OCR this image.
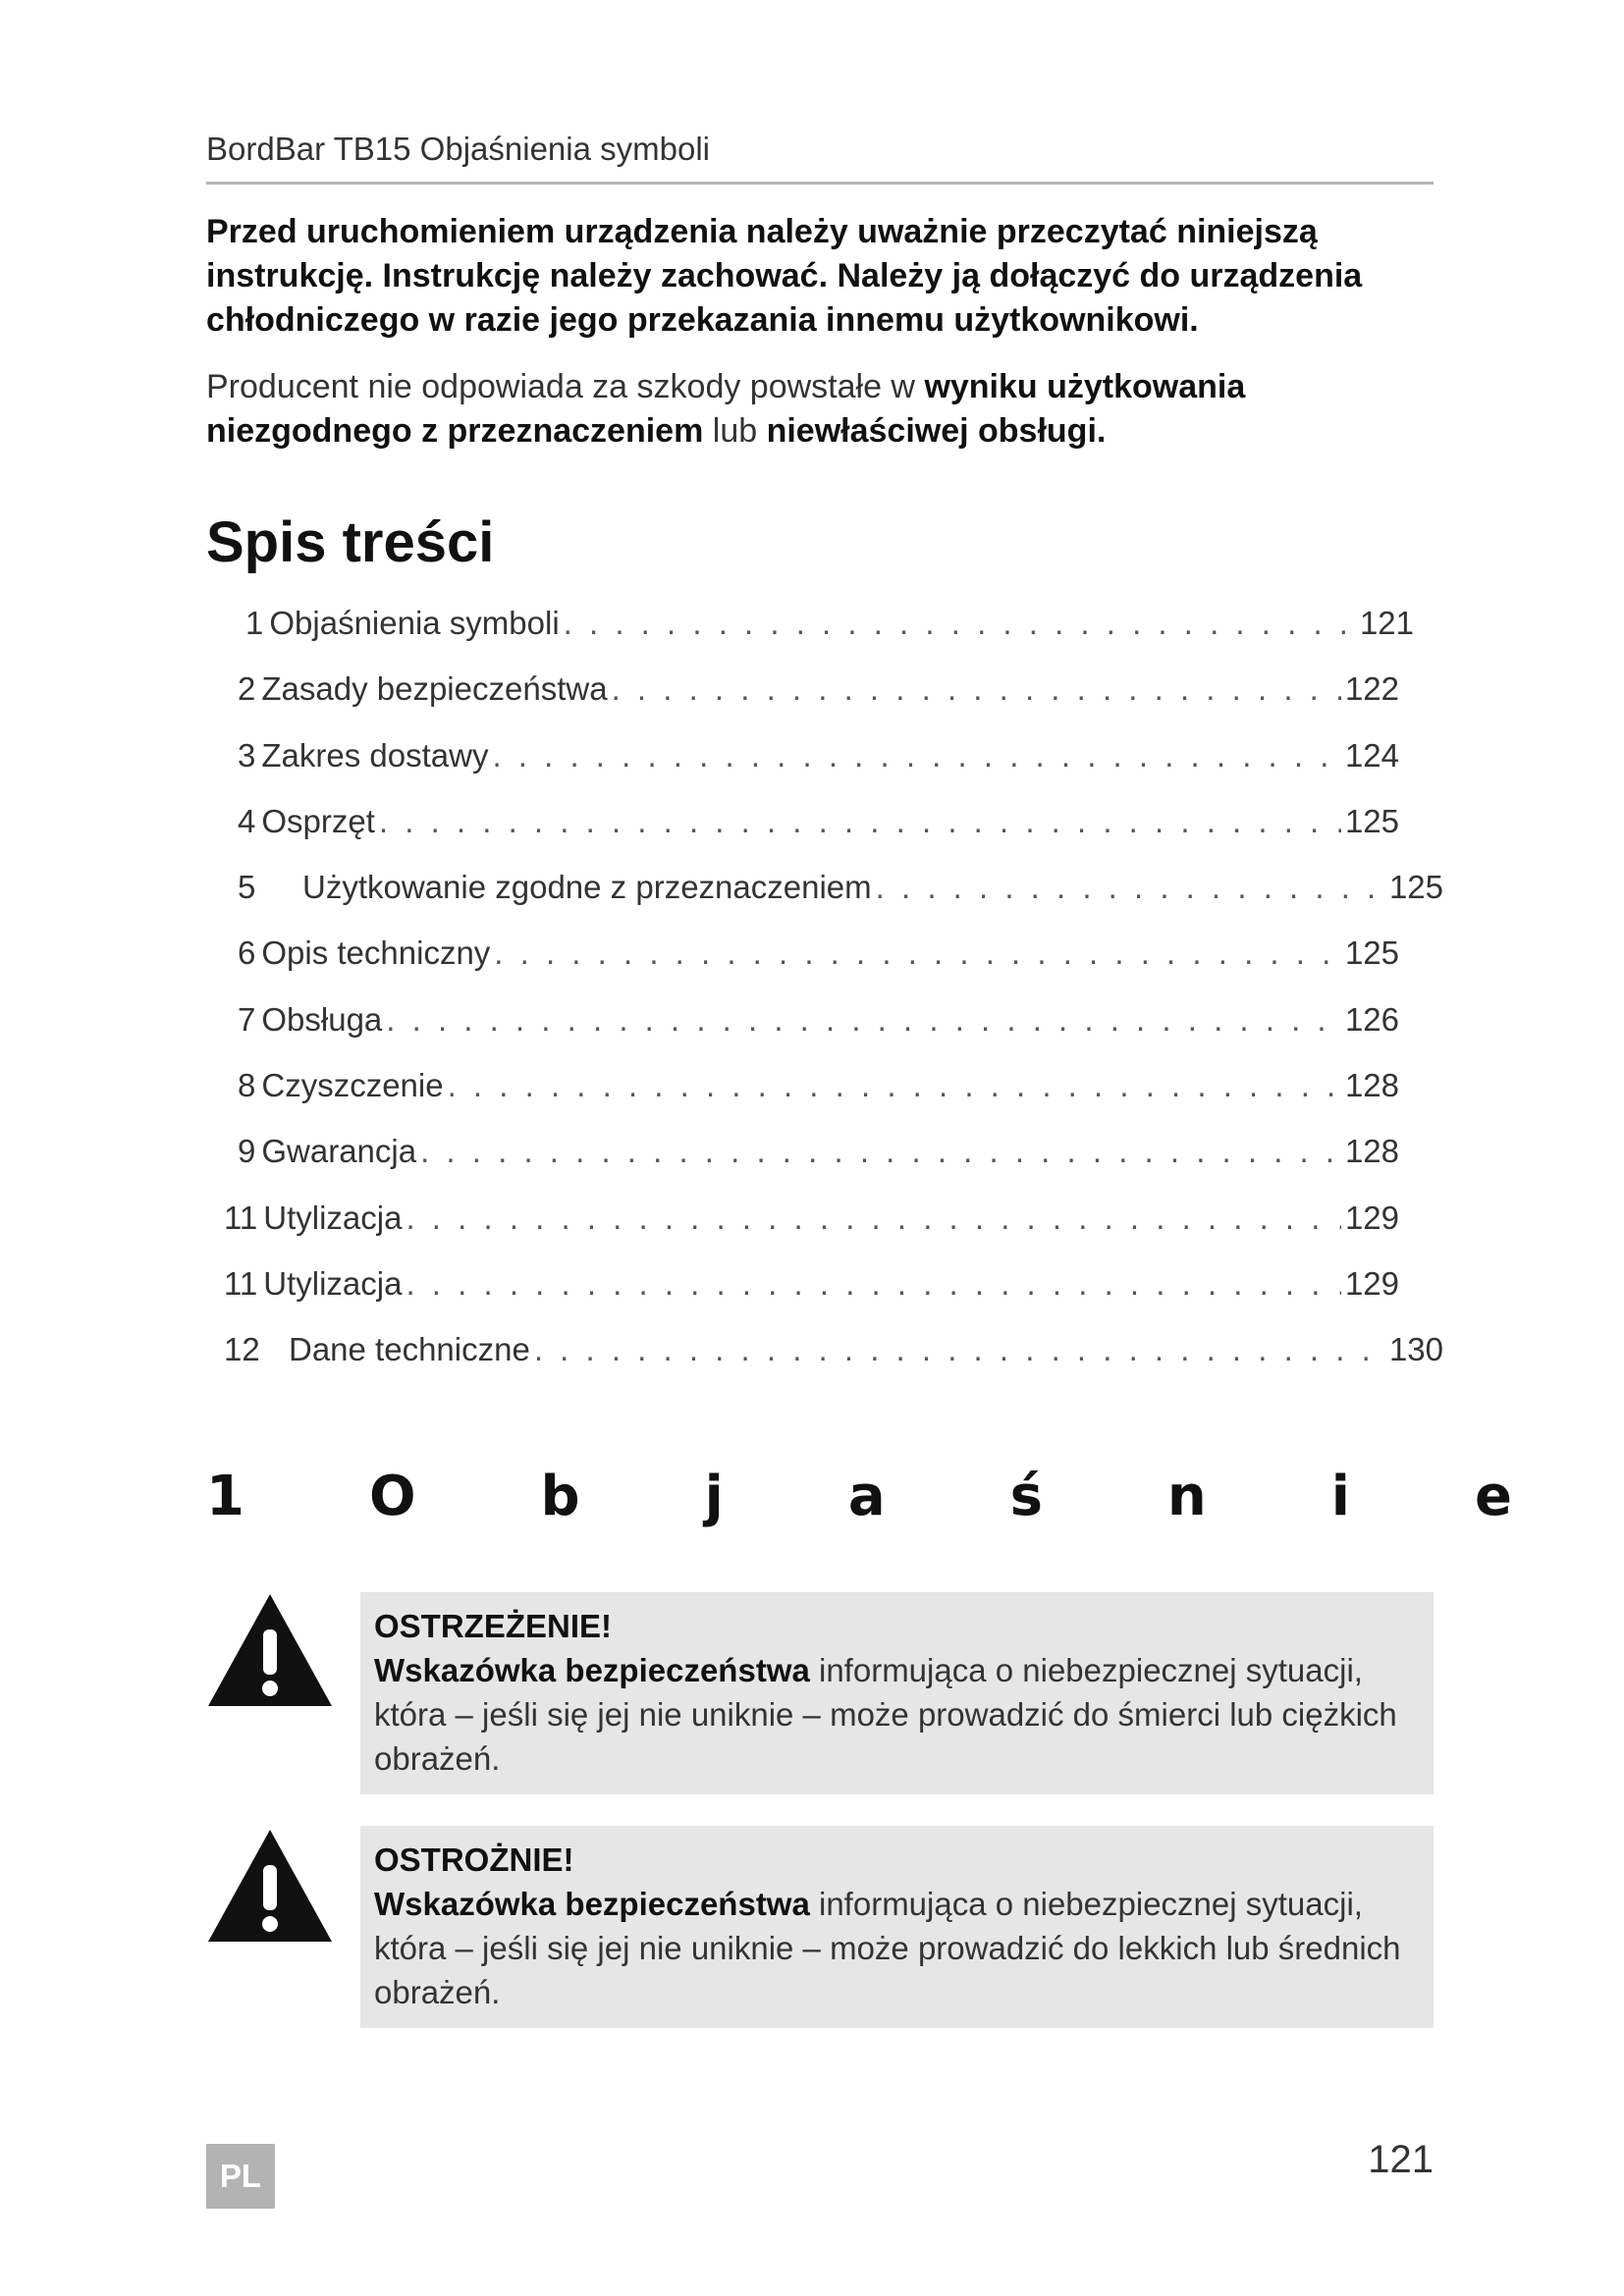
BordBar TB15 Objaśnienia symboli
Przed uruchomieniem urządzenia należy uważnie przeczytać niniejszą instrukcję. Instrukcję należy zachować. Należy ją dołączyć do urządzenia chłodniczego w razie jego przekazania innemu użytkownikowi.
Producent nie odpowiada za szkody powstałe w wyniku użytkowania niezgodnego z przeznaczeniem lub niewłaściwej obsługi.
Spis treści
1 Objaśnienia symboli . . .	121
2 Zasady bezpieczeństwa . . .	122
3 Zakres dostawy . . .	124
4 Osprzęt . . .	125
5	Użytkowanie zgodne z przeznaczeniem . . .	125
6 Opis techniczny . . .	125
7 Obsługa . . .	126
8 Czyszczenie . . .	128
9 Gwarancja . . .	128
11 Utylizacja . . .	129
11 Utylizacja . . .	129
12 Dane techniczne . . .	130
1 O b j a ś n i e
OSTRZEŻENIE!
Wskazówka bezpieczeństwa informująca o niebezpiecznej sytuacji, która – jeśli się jej nie uniknie – może prowadzić do śmierci lub ciężkich obrażeń.
OSTROŻNIE!
Wskazówka bezpieczeństwa informująca o niebezpiecznej sytuacji, która – jeśli się jej nie uniknie – może prowadzić do lekkich lub średnich obrażeń.
PL	121
